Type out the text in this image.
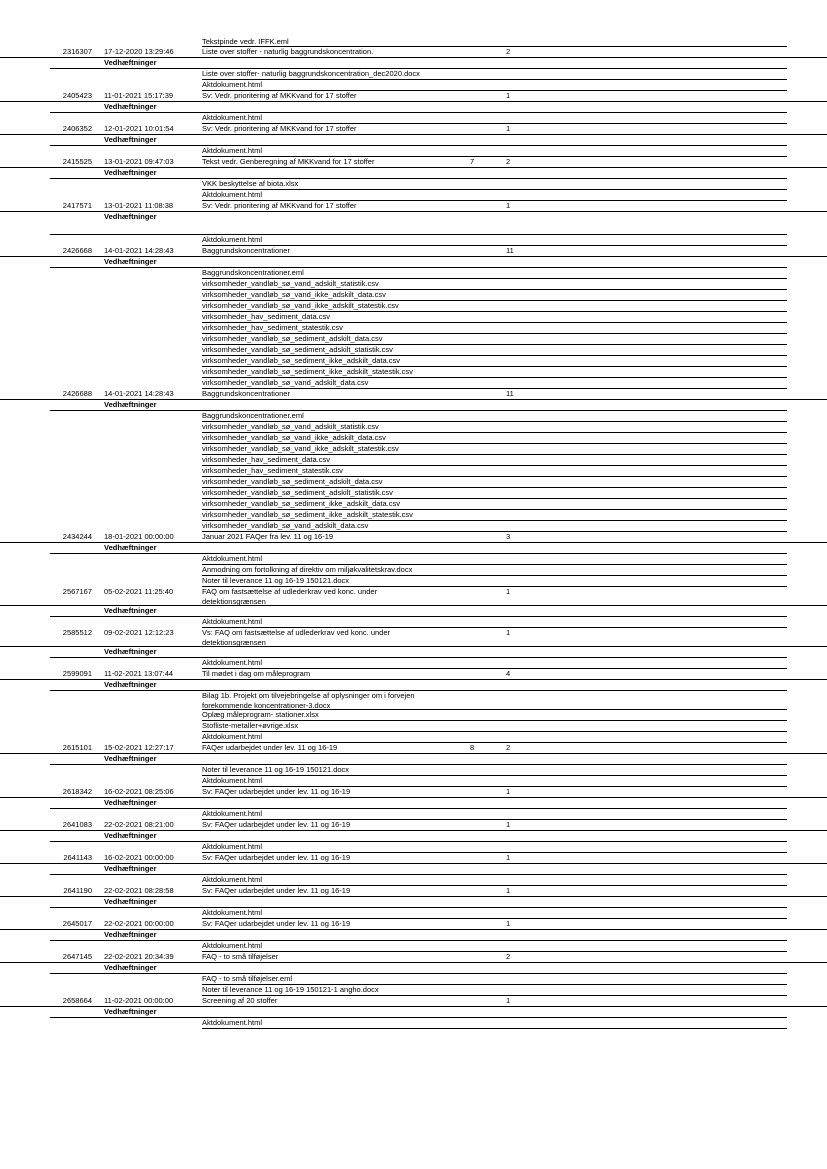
Tekstpinde vedr. IFFK.eml
2316307 17-12-2020 13:29:46	Liste over stoffer - naturlig baggrundskoncentration.	2
Vedhæftninger
Liste over stoffer- naturlig baggrundskoncentration_dec2020.docx
Aktdokument.html
2405423 11-01-2021 15:17:39	Sv: Vedr. prioritering af MKKvand for 17 stoffer	1
Vedhæftninger
Aktdokument.html
2406352 12-01-2021 10:01:54	Sv: Vedr. prioritering af MKKvand for 17 stoffer	1
Vedhæftninger
Aktdokument.html
2415525 13-01-2021 09:47:03	Tekst vedr. Genberegning af MKKvand for 17 stoffer	7	2
Vedhæftninger
VKK beskyttelse af biota.xlsx
Aktdokument.html
2417571 13-01-2021 11:08:38	Sv: Vedr. prioritering af MKKvand for 17 stoffer	1
Vedhæftninger
Aktdokument.html
2426668 14-01-2021 14:28:43	Baggrundskoncentrationer	11
Vedhæftninger
Baggrundskoncentrationer.eml
virksomheder_vandløb_sø_vand_adskilt_statistik.csv
virksomheder_vandløb_sø_vand_ikke_adskilt_data.csv
virksomheder_vandløb_sø_vand_ikke_adskilt_statestik.csv
virksomheder_hav_sediment_data.csv
virksomheder_hav_sediment_statestik.csv
virksomheder_vandløb_sø_sediment_adskilt_data.csv
virksomheder_vandløb_sø_sediment_adskilt_statistik.csv
virksomheder_vandløb_sø_sediment_ikke_adskilt_data.csv
virksomheder_vandløb_sø_sediment_ikke_adskilt_statestik.csv
virksomheder_vandløb_sø_vand_adskilt_data.csv
2426688 14-01-2021 14:28:43	Baggrundskoncentrationer	11
Vedhæftninger
Baggrundskoncentrationer.eml
virksomheder_vandløb_sø_vand_adskilt_statistik.csv
virksomheder_vandløb_sø_vand_ikke_adskilt_data.csv
virksomheder_vandløb_sø_vand_ikke_adskilt_statestik.csv
virksomheder_hav_sediment_data.csv
virksomheder_hav_sediment_statestik.csv
virksomheder_vandløb_sø_sediment_adskilt_data.csv
virksomheder_vandløb_sø_sediment_adskilt_statistik.csv
virksomheder_vandløb_sø_sediment_ikke_adskilt_data.csv
virksomheder_vandløb_sø_sediment_ikke_adskilt_statestik.csv
virksomheder_vandløb_sø_vand_adskilt_data.csv
2434244 18-01-2021 00:00:00	Januar 2021 FAQer fra lev. 11 og 16-19	3
Vedhæftninger
Aktdokument.html
Anmodning om fortolkning af direktiv om miljøkvalitetskrav.docx
Noter til leverance 11 og 16-19 150121.docx
2567167 05-02-2021 11:25:40	FAQ om fastsættelse af udlederkrav ved konc. under detektionsgrænsen
1
Vedhæftninger
Aktdokument.html
2585512 09-02-2021 12:12:23	Vs: FAQ om fastsættelse af udlederkrav ved konc. under detektionsgrænsen
1
Vedhæftninger
Aktdokument.html
2599091 11-02-2021 13:07:44	Til mødet i dag om måleprogram	4
Vedhæftninger
Bilag 1b. Projekt om tilvejebringelse af oplysninger om i forvejen forekommende koncentrationer-3.docx
Oplæg måleprogram- stationer.xlsx
Stofliste-metaller+øvrige.xlsx
Aktdokument.html
2615101 15-02-2021 12:27:17	FAQer udarbejdet under lev. 11 og 16-19	8	2
Vedhæftninger
Noter til leverance 11 og 16-19 150121.docx
Aktdokument.html
2618342 16-02-2021 08:25:06	Sv: FAQer udarbejdet under lev. 11 og 16-19	1
Vedhæftninger
Aktdokument.html
2641083 22-02-2021 08:21:00	Sv: FAQer udarbejdet under lev. 11 og 16-19	1
Vedhæftninger
Aktdokument.html
2641143 16-02-2021 00:00:00	Sv: FAQer udarbejdet under lev. 11 og 16-19	1
Vedhæftninger
Aktdokument.html
2641190 22-02-2021 08:28:58	Sv: FAQer udarbejdet under lev. 11 og 16-19	1
Vedhæftninger
Aktdokument.html
2645017 22-02-2021 00:00:00	Sv: FAQer udarbejdet under lev. 11 og 16-19	1
Vedhæftninger
Aktdokument.html
2647145 22-02-2021 20:34:39	FAQ - to små tilføjelser	2
Vedhæftninger
FAQ - to små tilføjelser.eml
Noter til leverance 11 og 16-19 150121-1 angho.docx
2658664 11-02-2021 00:00:00	Screening af 20 stoffer	1
Vedhæftninger
Aktdokument.html
